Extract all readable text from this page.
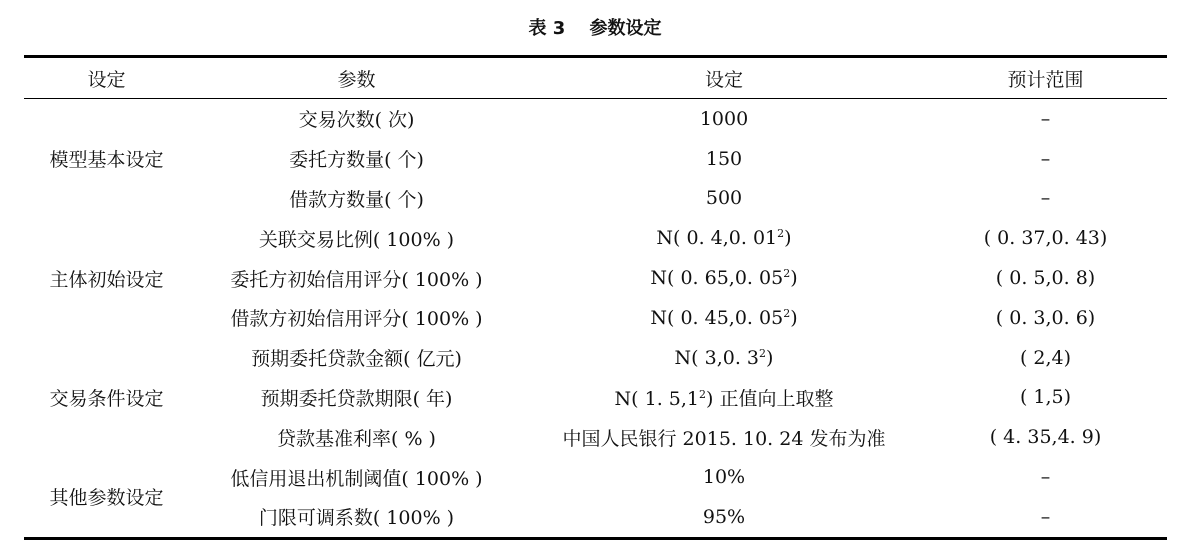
表 3　 参数设定
设定	参数	设定	预计范围
模型基本设定	交易次数( 次)	1000	–
	委托方数量( 个)	150	–
	借款方数量( 个)	500	–
主体初始设定	关联交易比例( 100% )	N( 0. 4,0. $01^2$)	( 0. 37,0. 43)
	委托方初始信用评分( 100% )	N( 0. 65,0. $05^2$)	( 0. 5,0. 8)
	借款方初始信用评分( 100% )	N( 0. 45,0. $05^2$)	( 0. 3,0. 6)
交易条件设定	预期委托贷款金额( 亿元)	N( 3,0. $3^2$)	( 2,4)
	预期委托贷款期限( 年)	N( 1. $5,1^2$) 正值向上取整	( 1,5)
	贷款基准利率( % )	中国人民银行 2015. 10. 24 发布为准	( 4. 35,4. 9)
其他参数设定	低信用退出机制阈值( 100% )	10%	–
	门限可调系数( 100% )	95%	–
